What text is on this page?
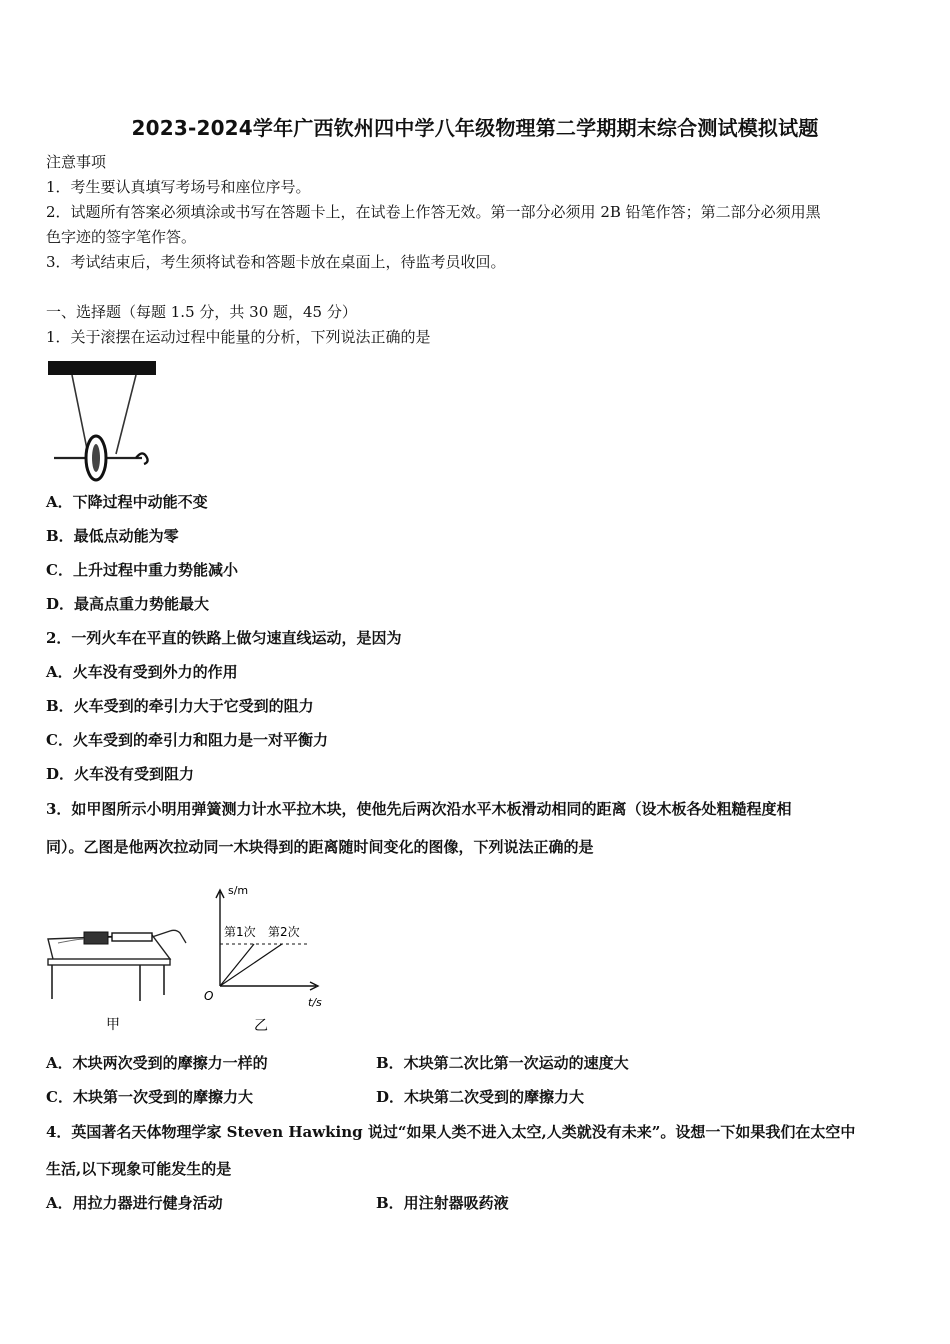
2023-2024学年广西钦州四中学八年级物理第二学期期末综合测试模拟试题
注意事项
1．考生要认真填写考场号和座位序号。
2．试题所有答案必须填涂或书写在答题卡上，在试卷上作答无效。第一部分必须用 2B 铅笔作答；第二部分必须用黑
色字迹的签字笔作答。
3．考试结束后，考生须将试卷和答题卡放在桌面上，待监考员收回。
一、选择题（每题 1.5 分，共 30 题，45 分）
1．关于滚摆在运动过程中能量的分析，下列说法正确的是
A．下降过程中动能不变
B．最低点动能为零
C．上升过程中重力势能减小
D．最高点重力势能最大
2．一列火车在平直的铁路上做匀速直线运动，是因为
A．火车没有受到外力的作用
B．火车受到的牵引力大于它受到的阻力
C．火车受到的牵引力和阻力是一对平衡力
D．火车没有受到阻力
3．如甲图所示小明用弹簧测力计水平拉木块，使他先后两次沿水平木板滑动相同的距离（设木板各处粗糙程度相
同）。乙图是他两次拉动同一木块得到的距离随时间变化的图像，下列说法正确的是
甲
s/m
O	t/s
第1次 第2次
乙
A．木块两次受到的摩擦力一样的	B．木块第二次比第一次运动的速度大
C．木块第一次受到的摩擦力大	D．木块第二次受到的摩擦力大
4．英国著名天体物理学家 Steven Hawking 说过“如果人类不进入太空,人类就没有未来”。设想一下如果我们在太空中
生活,以下现象可能发生的是
A．用拉力器进行健身活动	B．用注射器吸药液
